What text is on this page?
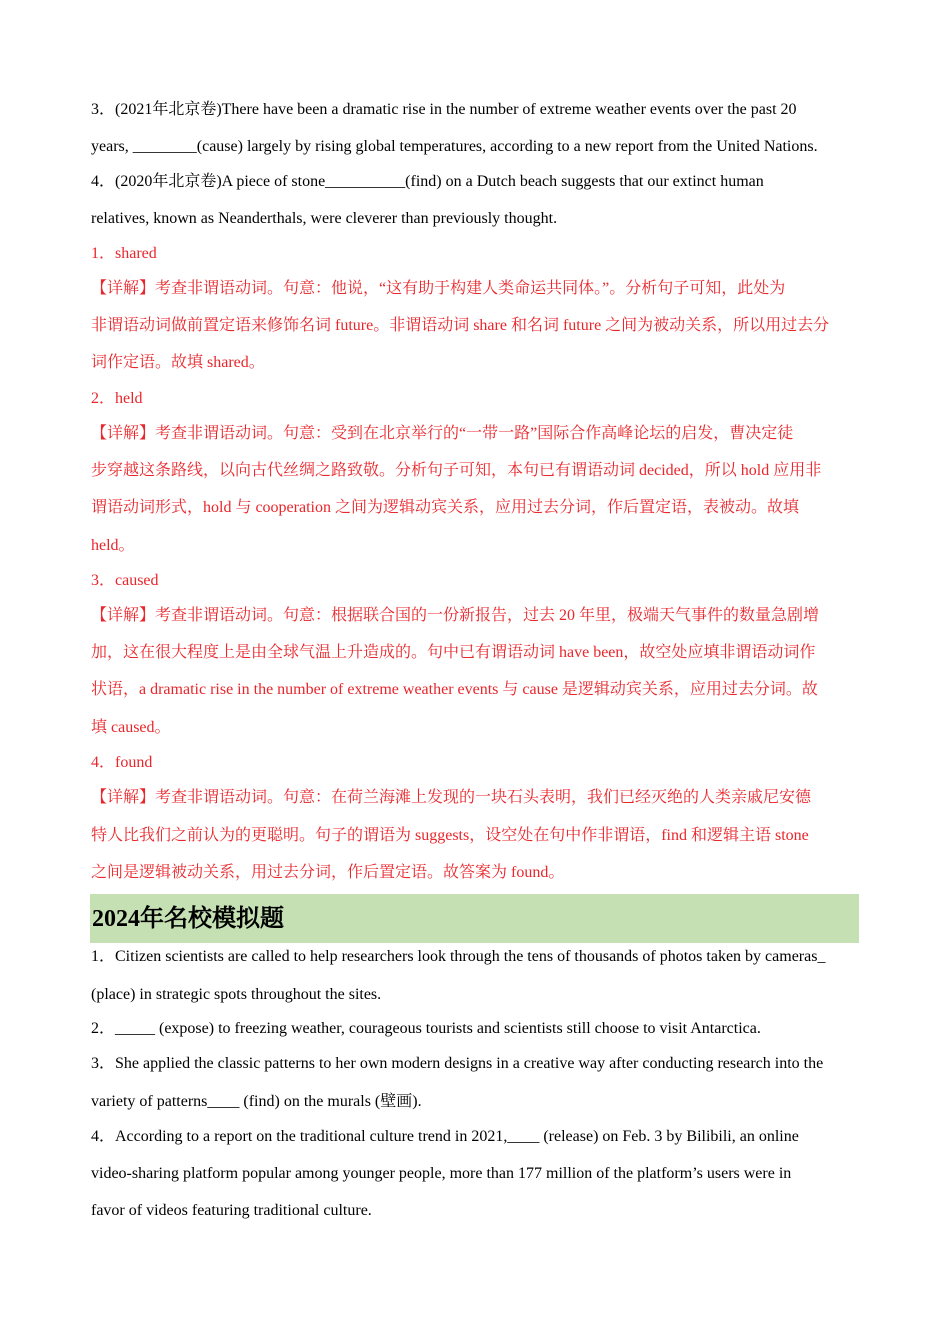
3．(2021年北京卷)There have been a dramatic rise in the number of extreme weather events over the past 20
years, ________(cause) largely by rising global temperatures, according to a new report from the United Nations.
4．(2020年北京卷)A piece of stone__________(find) on a Dutch beach suggests that our extinct human
relatives, known as Neanderthals, were cleverer than previously thought.
1．shared
【详解】考查非谓语动词。句意：他说，“这有助于构建人类命运共同体。”。分析句子可知，此处为
非谓语动词做前置定语来修饰名词 future。非谓语动词 share 和名词 future 之间为被动关系，所以用过去分
词作定语。故填 shared。
2．held
【详解】考查非谓语动词。句意：受到在北京举行的“一带一路”国际合作高峰论坛的启发，曹决定徒
步穿越这条路线，以向古代丝绸之路致敬。分析句子可知，本句已有谓语动词 decided，所以 hold 应用非
谓语动词形式，hold 与 cooperation 之间为逻辑动宾关系，应用过去分词，作后置定语，表被动。故填
held。
3．caused
【详解】考查非谓语动词。句意：根据联合国的一份新报告，过去 20 年里，极端天气事件的数量急剧增
加，这在很大程度上是由全球气温上升造成的。句中已有谓语动词 have been，故空处应填非谓语动词作
状语，a dramatic rise in the number of extreme weather events 与 cause 是逻辑动宾关系，应用过去分词。故
填 caused。
4．found
【详解】考查非谓语动词。句意：在荷兰海滩上发现的一块石头表明，我们已经灭绝的人类亲戚尼安德
特人比我们之前认为的更聪明。句子的谓语为 suggests，设空处在句中作非谓语，find 和逻辑主语 stone
之间是逻辑被动关系，用过去分词，作后置定语。故答案为 found。
2024年名校模拟题
1．Citizen scientists are called to help researchers look through the tens of thousands of photos taken by cameras_
(place) in strategic spots throughout the sites.
2．_____ (expose) to freezing weather, courageous tourists and scientists still choose to visit Antarctica.
3．She applied the classic patterns to her own modern designs in a creative way after conducting research into the
variety of patterns____ (find) on the murals (壁画).
4．According to a report on the traditional culture trend in 2021,____ (release) on Feb. 3 by Bilibili, an online
video-sharing platform popular among younger people, more than 177 million of the platform’s users were in
favor of videos featuring traditional culture.
